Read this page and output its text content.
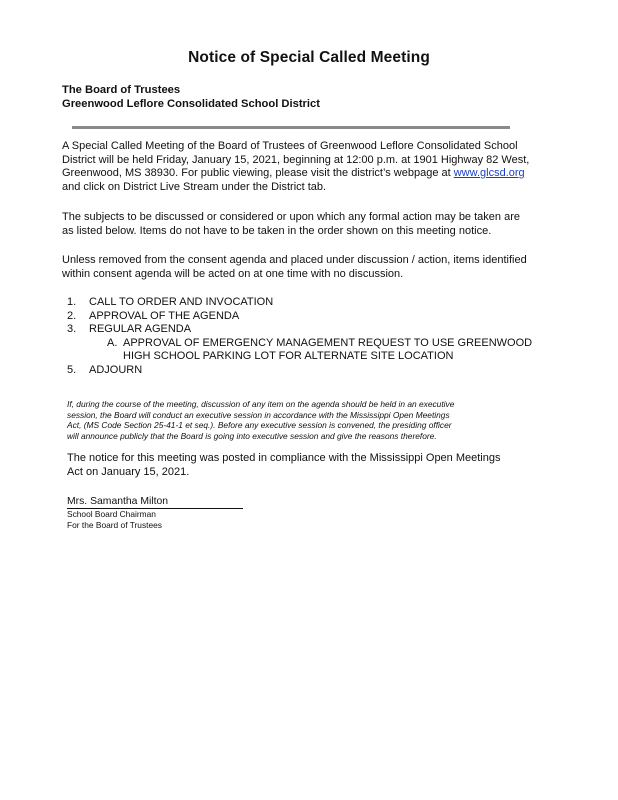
Notice of Special Called Meeting
The Board of Trustees
Greenwood Leflore Consolidated School District
A Special Called Meeting of the Board of Trustees of Greenwood Leflore Consolidated School
District will be held Friday, January 15, 2021, beginning at 12:00 p.m. at 1901 Highway 82 West,
Greenwood, MS 38930. For public viewing, please visit the district’s webpage at www.glcsd.org
and click on District Live Stream under the District tab.
The subjects to be discussed or considered or upon which any formal action may be taken are
as listed below. Items do not have to be taken in the order shown on this meeting notice.
Unless removed from the consent agenda and placed under discussion / action, items identified
within consent agenda will be acted on at one time with no discussion.
1. CALL TO ORDER AND INVOCATION
2. APPROVAL OF THE AGENDA
3. REGULAR AGENDA
A. APPROVAL OF EMERGENCY MANAGEMENT REQUEST TO USE GREENWOOD
HIGH SCHOOL PARKING LOT FOR ALTERNATE SITE LOCATION
5. ADJOURN
If, during the course of the meeting, discussion of any item on the agenda should be held in an executive
session, the Board will conduct an executive session in accordance with the Mississippi Open Meetings
Act, (MS Code Section 25-41-1 et seq.). Before any executive session is convened, the presiding officer
will announce publicly that the Board is going into executive session and give the reasons therefore.
The notice for this meeting was posted in compliance with the Mississippi Open Meetings
Act on January 15, 2021.
Mrs. Samantha Milton
School Board Chairman
For the Board of Trustees
